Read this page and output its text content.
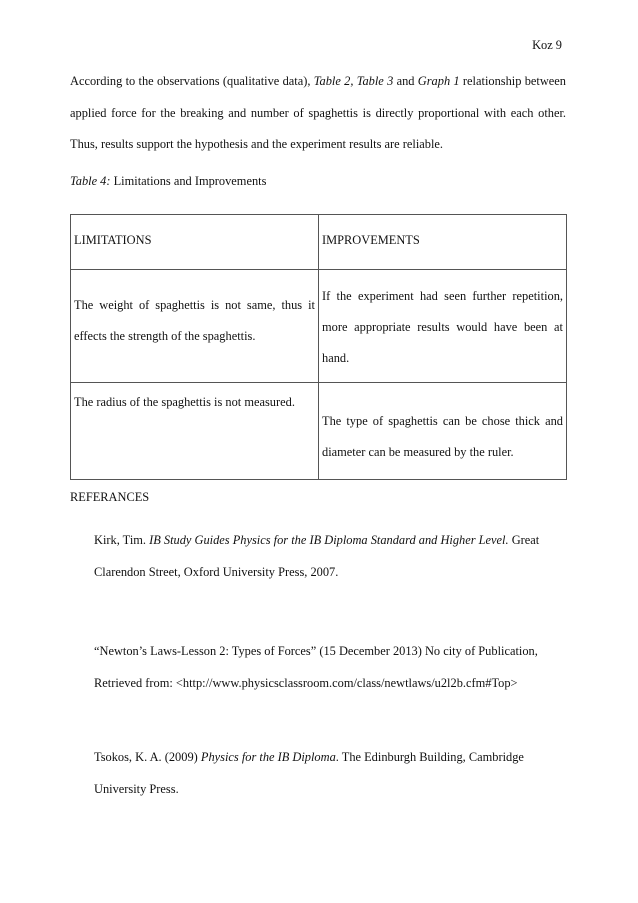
Koz 9

According to the observations (qualitative data), Table 2, Table 3 and Graph 1 relationship between applied force for the breaking and number of spaghettis is directly proportional with each other. Thus, results support the hypothesis and the experiment results are reliable.

Table 4: Limitations and Improvements
LIMITATIONS	IMPROVEMENTS

The weight of spaghettis is not same, thus it effects the strength of the spaghettis.	If the experiment had seen further repetition, more appropriate results would have been at hand.

The radius of the spaghettis is not measured.	The type of spaghettis can be chose thick and diameter can be measured by the ruler.
REFERANCES

Kirk, Tim. IB Study Guides Physics for the IB Diploma Standard and Higher Level. Great Clarendon Street, Oxford University Press, 2007.

“Newton’s Laws-Lesson 2: Types of Forces” (15 December 2013) No city of Publication, Retrieved from: <http://www.physicsclassroom.com/class/newtlaws/u2l2b.cfm#Top>

Tsokos, K. A. (2009) Physics for the IB Diploma. The Edinburgh Building, Cambridge University Press.
